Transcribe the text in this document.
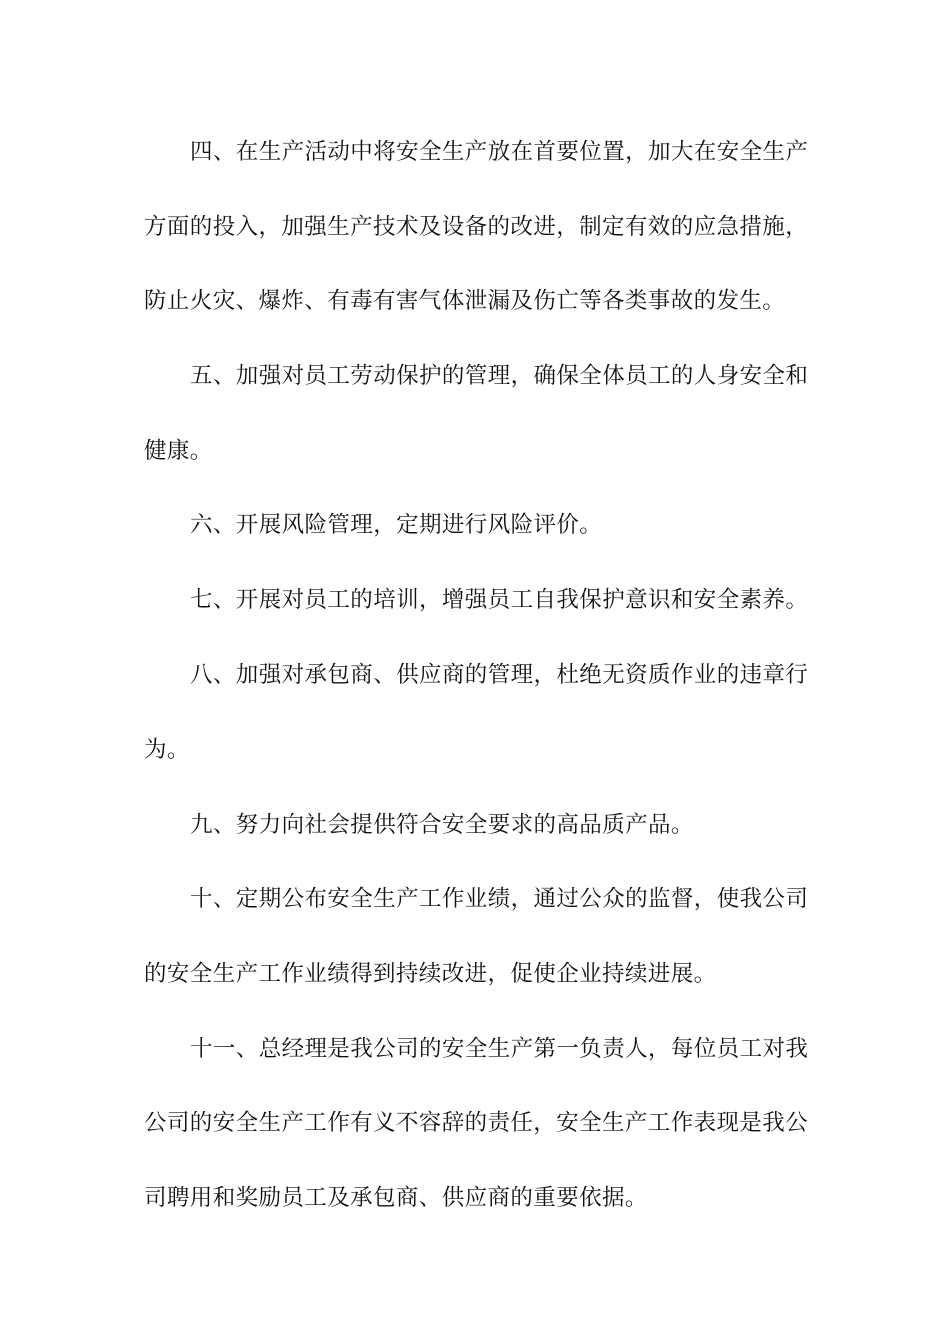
四、在生产活动中将安全生产放在首要位置，加大在安全生产
方面的投入，加强生产技术及设备的改进，制定有效的应急措施，
防止火灾、爆炸、有毒有害气体泄漏及伤亡等各类事故的发生。
五、加强对员工劳动保护的管理，确保全体员工的人身安全和
健康。
六、开展风险管理，定期进行风险评价。
七、开展对员工的培训，增强员工自我保护意识和安全素养。
八、加强对承包商、供应商的管理，杜绝无资质作业的违章行
为。
九、努力向社会提供符合安全要求的高品质产品。
十、定期公布安全生产工作业绩，通过公众的监督，使我公司
的安全生产工作业绩得到持续改进，促使企业持续进展。
十一、总经理是我公司的安全生产第一负责人，每位员工对我
公司的安全生产工作有义不容辞的责任，安全生产工作表现是我公
司聘用和奖励员工及承包商、供应商的重要依据。
